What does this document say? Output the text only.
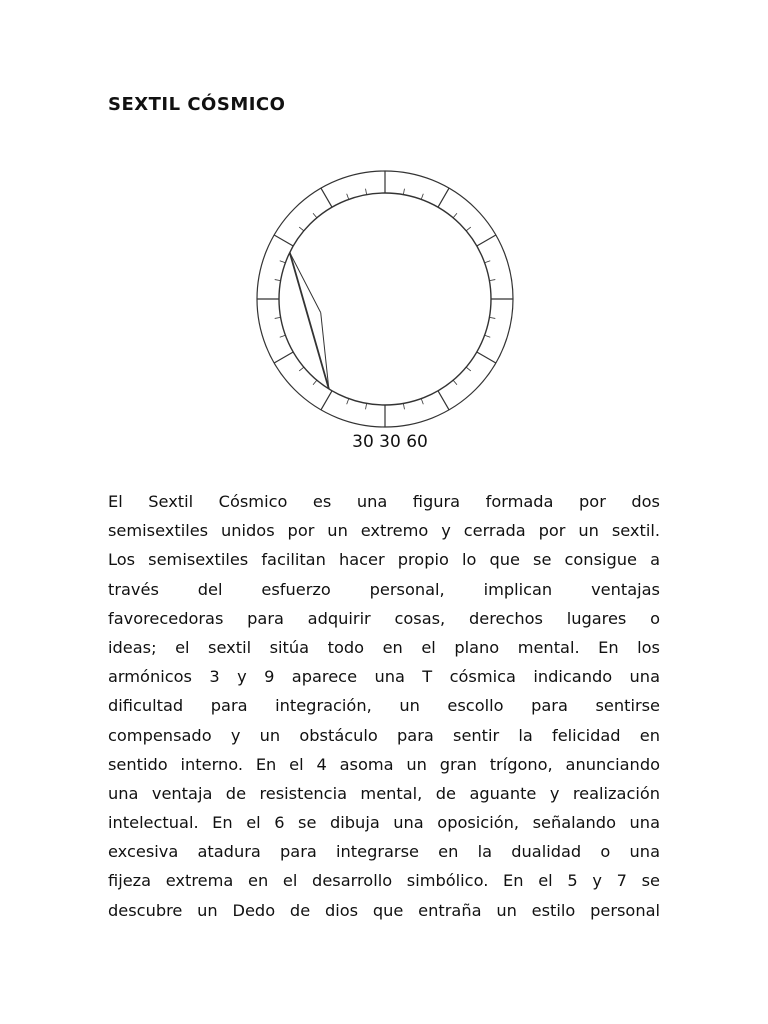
SEXTIL CÓSMICO
30 30 60
El Sextil Cósmico es una figura formada por dos
semisextiles unidos por un extremo y cerrada por un sextil.
Los semisextiles facilitan hacer propio lo que se consigue a
través del esfuerzo personal, implican ventajas
favorecedoras para adquirir cosas, derechos lugares o
ideas; el sextil sitúa todo en el plano mental. En los
armónicos 3 y 9 aparece una T cósmica indicando una
dificultad para integración, un escollo para sentirse
compensado y un obstáculo para sentir la felicidad en
sentido interno. En el 4 asoma un gran trígono, anunciando
una ventaja de resistencia mental, de aguante y realización
intelectual. En el 6 se dibuja una oposición, señalando una
excesiva atadura para integrarse en la dualidad o una
fijeza extrema en el desarrollo simbólico. En el 5 y 7 se
descubre un Dedo de dios que entraña un estilo personal
